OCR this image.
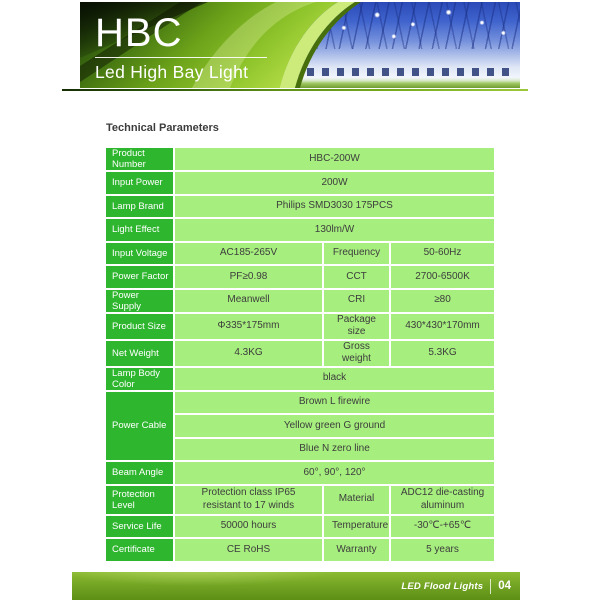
HBC
Led High Bay Light
Technical Parameters
Product Number	HBC-200W		
Input Power	200W		
Lamp Brand	Philips SMD3030 175PCS		
Light Effect	130lm/W		
Input Voltage	AC185-265V	Frequency	50-60Hz
Power Factor	PF≥0.98	CCT	2700-6500K
Power Supply	Meanwell	CRI	≥80
Product Size	Φ335*175mm	Package size	430*430*170mm
Net Weight	4.3KG	Gross weight	5.3KG
Lamp Body Color	black		
Power Cable	Brown L firewire		
	Yellow green G ground		
	Blue N zero line		
Beam Angle	60°, 90°, 120°		
Protection Level	Protection class IP65 resistant to 17 winds	Material	ADC12 die-casting aluminum
Service Life	50000 hours	Temperature	-30℃-+65℃
Certificate	CE RoHS	Warranty	5 years
LED Flood Lights 04
